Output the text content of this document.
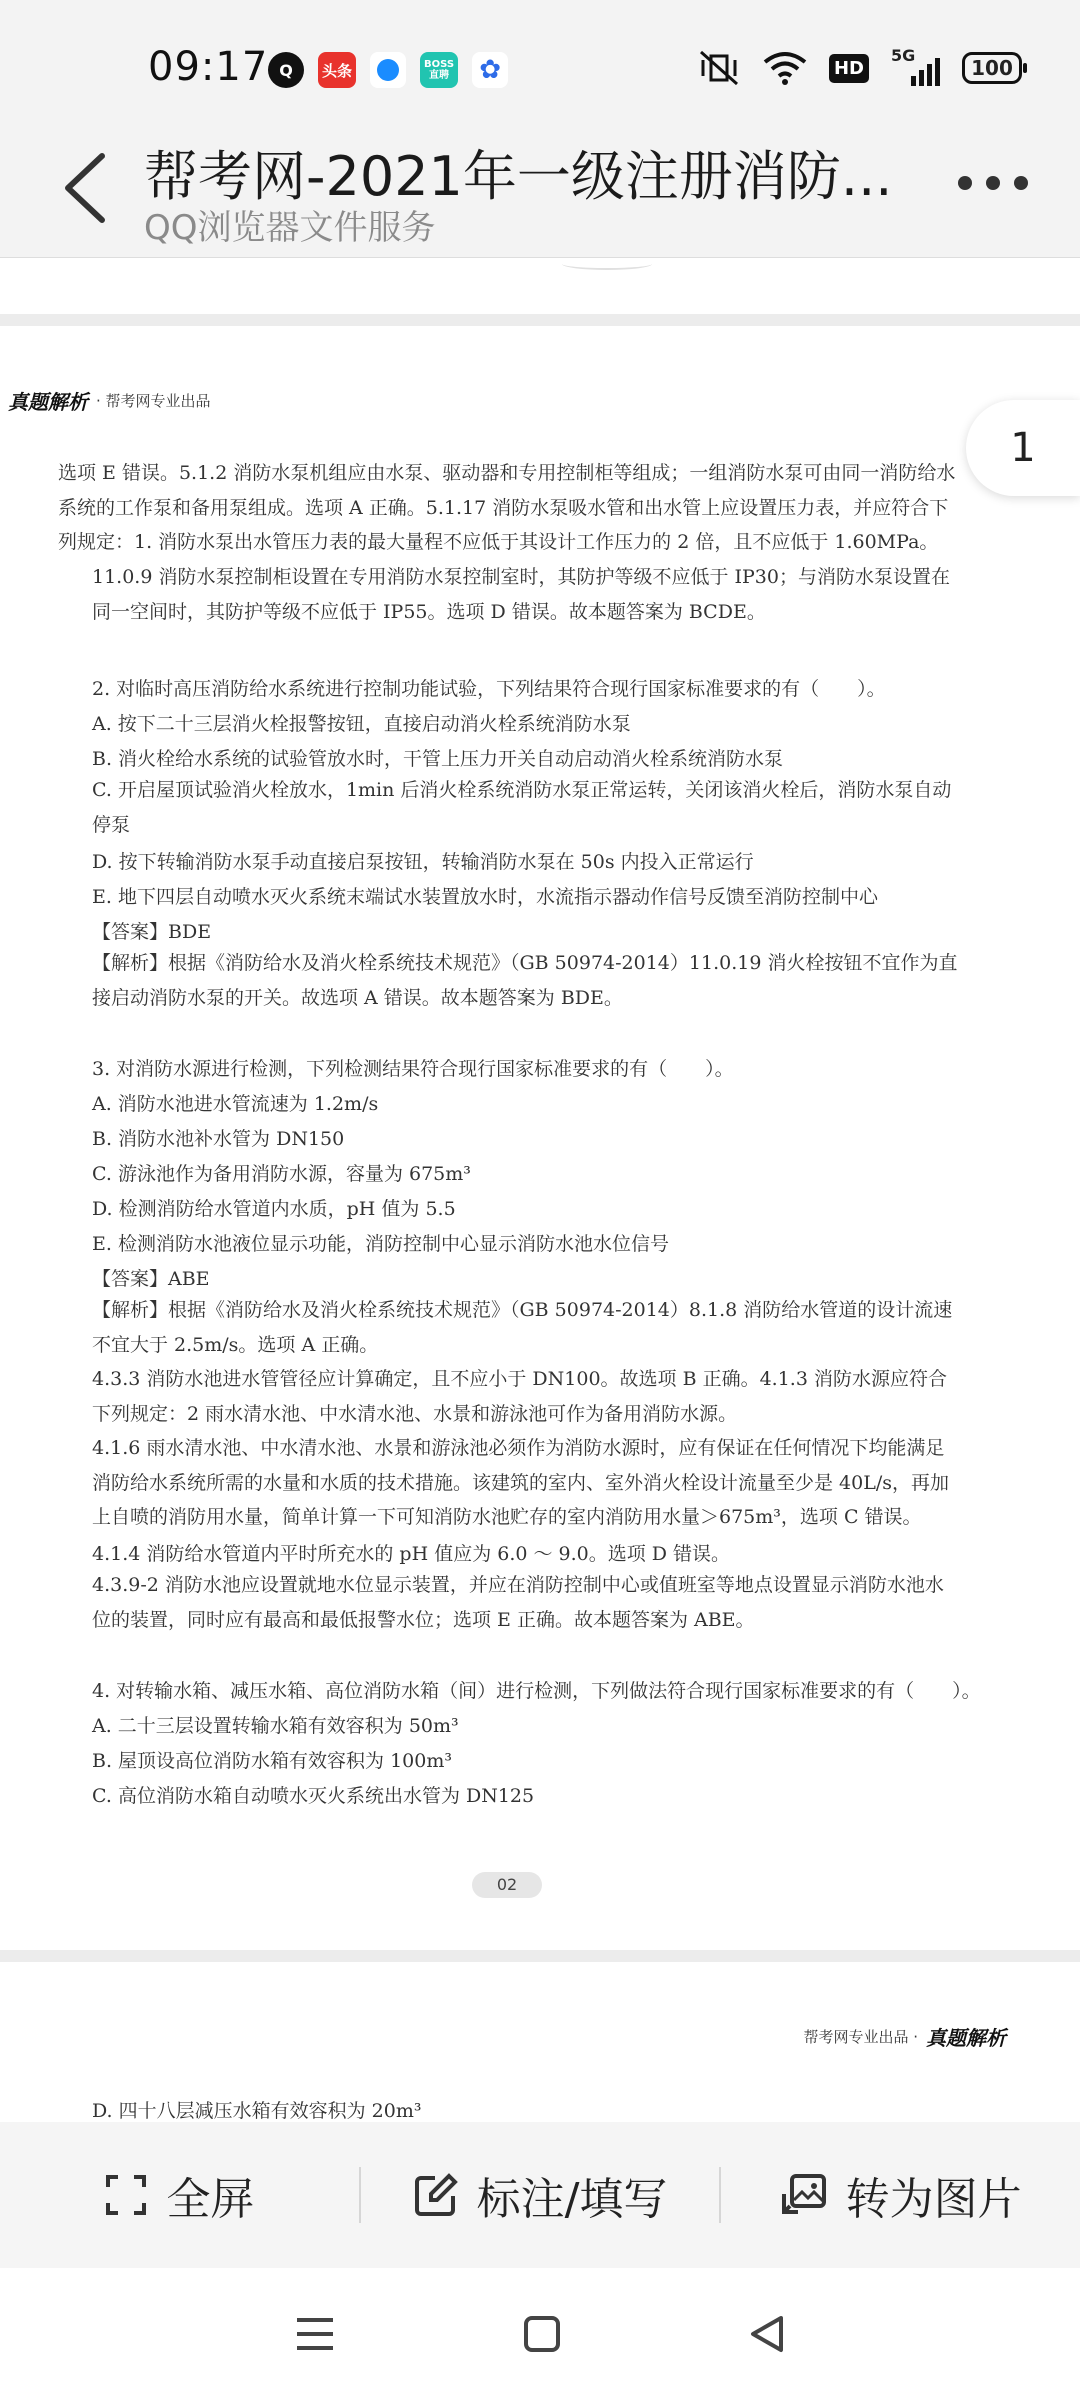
09:17 Q	头条	BOSS
直聘	✿	HD
5G
100
帮考网-2021年一级注册消防...
QQ浏览器文件服务
真题解析 · 帮考网专业出品
1
选项 E 错误。5.1.2 消防水泵机组应由水泵、驱动器和专用控制柜等组成；一组消防水泵可由同一消防给水系统的工作泵和备用泵组成。选项 A 正确。5.1.17 消防水泵吸水管和出水管上应设置压力表，并应符合下列规定：1. 消防水泵出水管压力表的最大量程不应低于其设计工作压力的 2 倍，且不应低于 1.60MPa。
11.0.9 消防水泵控制柜设置在专用消防水泵控制室时，其防护等级不应低于 IP30；与消防水泵设置在同一空间时，其防护等级不应低于 IP55。选项 D 错误。故本题答案为 BCDE。
2. 对临时高压消防给水系统进行控制功能试验，下列结果符合现行国家标准要求的有（　　）。
A. 按下二十三层消火栓报警按钮，直接启动消火栓系统消防水泵
B. 消火栓给水系统的试验管放水时，干管上压力开关自动启动消火栓系统消防水泵
C. 开启屋顶试验消火栓放水，1min 后消火栓系统消防水泵正常运转，关闭该消火栓后，消防水泵自动停泵
D. 按下转输消防水泵手动直接启泵按钮，转输消防水泵在 50s 内投入正常运行
E. 地下四层自动喷水灭火系统末端试水装置放水时，水流指示器动作信号反馈至消防控制中心
【答案】BDE
【解析】根据《消防给水及消火栓系统技术规范》（GB 50974-2014）11.0.19 消火栓按钮不宜作为直接启动消防水泵的开关。故选项 A 错误。故本题答案为 BDE。
3. 对消防水源进行检测，下列检测结果符合现行国家标准要求的有（　　）。
A. 消防水池进水管流速为 1.2m/s
B. 消防水池补水管为 DN150
C. 游泳池作为备用消防水源，容量为 675m³
D. 检测消防给水管道内水质，pH 值为 5.5
E. 检测消防水池液位显示功能，消防控制中心显示消防水池水位信号
【答案】ABE
【解析】根据《消防给水及消火栓系统技术规范》（GB 50974-2014）8.1.8 消防给水管道的设计流速不宜大于 2.5m/s。选项 A 正确。
4.3.3 消防水池进水管管径应计算确定，且不应小于 DN100。故选项 B 正确。4.1.3 消防水源应符合下列规定：2 雨水清水池、中水清水池、水景和游泳池可作为备用消防水源。
4.1.6 雨水清水池、中水清水池、水景和游泳池必须作为消防水源时，应有保证在任何情况下均能满足消防给水系统所需的水量和水质的技术措施。该建筑的室内、室外消火栓设计流量至少是 40L/s，再加上自喷的消防用水量，简单计算一下可知消防水池贮存的室内消防用水量＞675m³，选项 C 错误。
4.1.4 消防给水管道内平时所充水的 pH 值应为 6.0 ～ 9.0。选项 D 错误。
4.3.9-2 消防水池应设置就地水位显示装置，并应在消防控制中心或值班室等地点设置显示消防水池水位的装置，同时应有最高和最低报警水位；选项 E 正确。故本题答案为 ABE。
4. 对转输水箱、减压水箱、高位消防水箱（间）进行检测，下列做法符合现行国家标准要求的有（　　）。
A. 二十三层设置转输水箱有效容积为 50m³
B. 屋顶设高位消防水箱有效容积为 100m³
C. 高位消防水箱自动喷水灭火系统出水管为 DN125
02
帮考网专业出品 · 真题解析
D. 四十八层减压水箱有效容积为 20m³
全屏	标注/填写	转为图片
